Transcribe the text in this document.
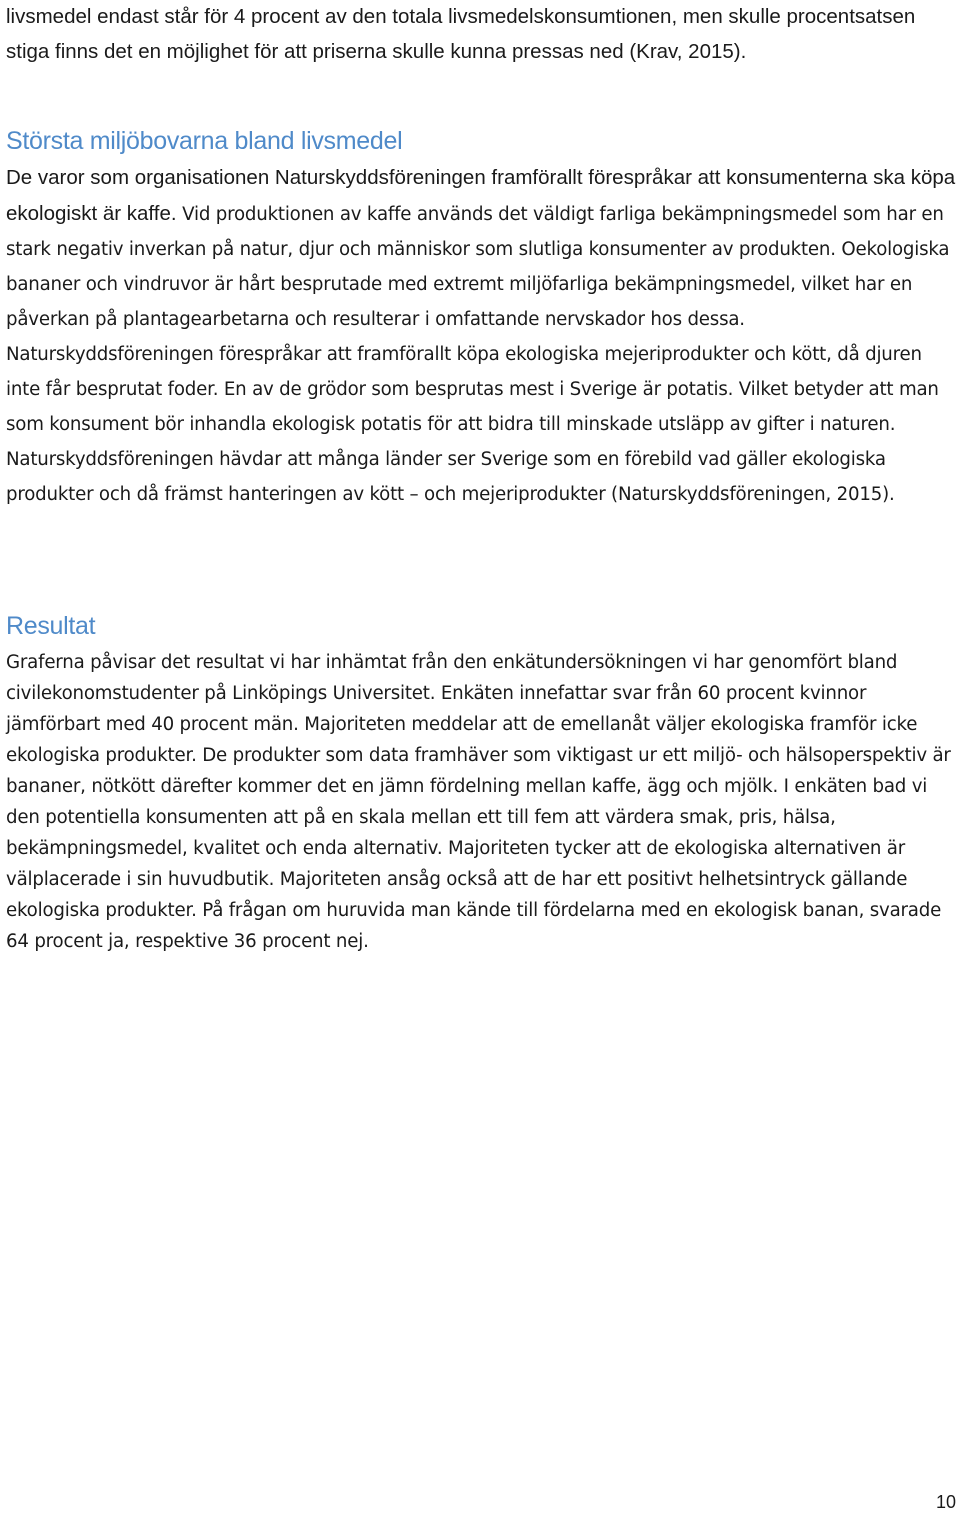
livsmedel endast står för 4 procent av den totala livsmedelskonsumtionen, men skulle procentsatsen stiga finns det en möjlighet för att priserna skulle kunna pressas ned (Krav, 2015).

Största miljöbovarna bland livsmedel

De varor som organisationen Naturskyddsföreningen framförallt förespråkar att konsumenterna ska köpa ekologiskt är kaffe. Vid produktionen av kaffe används det väldigt farliga bekämpningsmedel som har en stark negativ inverkan på natur, djur och människor som slutliga konsumenter av produkten. Oekologiska bananer och vindruvor är hårt besprutade med extremt miljöfarliga bekämpningsmedel, vilket har en påverkan på plantagearbetarna och resulterar i omfattande nervskador hos dessa. Naturskyddsföreningen förespråkar att framförallt köpa ekologiska mejeriprodukter och kött, då djuren inte får besprutat foder. En av de grödor som besprutas mest i Sverige är potatis. Vilket betyder att man som konsument bör inhandla ekologisk potatis för att bidra till minskade utsläpp av gifter i naturen. Naturskyddsföreningen hävdar att många länder ser Sverige som en förebild vad gäller ekologiska produkter och då främst hanteringen av kött – och mejeriprodukter (Naturskyddsföreningen, 2015).

Resultat

Graferna påvisar det resultat vi har inhämtat från den enkätundersökningen vi har genomfört bland civilekonomstudenter på Linköpings Universitet. Enkäten innefattar svar från 60 procent kvinnor jämförbart med 40 procent män. Majoriteten meddelar att de emellanåt väljer ekologiska framför icke ekologiska produkter. De produkter som data framhäver som viktigast ur ett miljö- och hälsoperspektiv är bananer, nötkött därefter kommer det en jämn fördelning mellan kaffe, ägg och mjölk. I enkäten bad vi den potentiella konsumenten att på en skala mellan ett till fem att värdera smak, pris, hälsa, bekämpningsmedel, kvalitet och enda alternativ. Majoriteten tycker att de ekologiska alternativen är välplacerade i sin huvudbutik. Majoriteten ansåg också att de har ett positivt helhetsintryck gällande ekologiska produkter. På frågan om huruvida man kände till fördelarna med en ekologisk banan, svarade 64 procent ja, respektive 36 procent nej.

10
